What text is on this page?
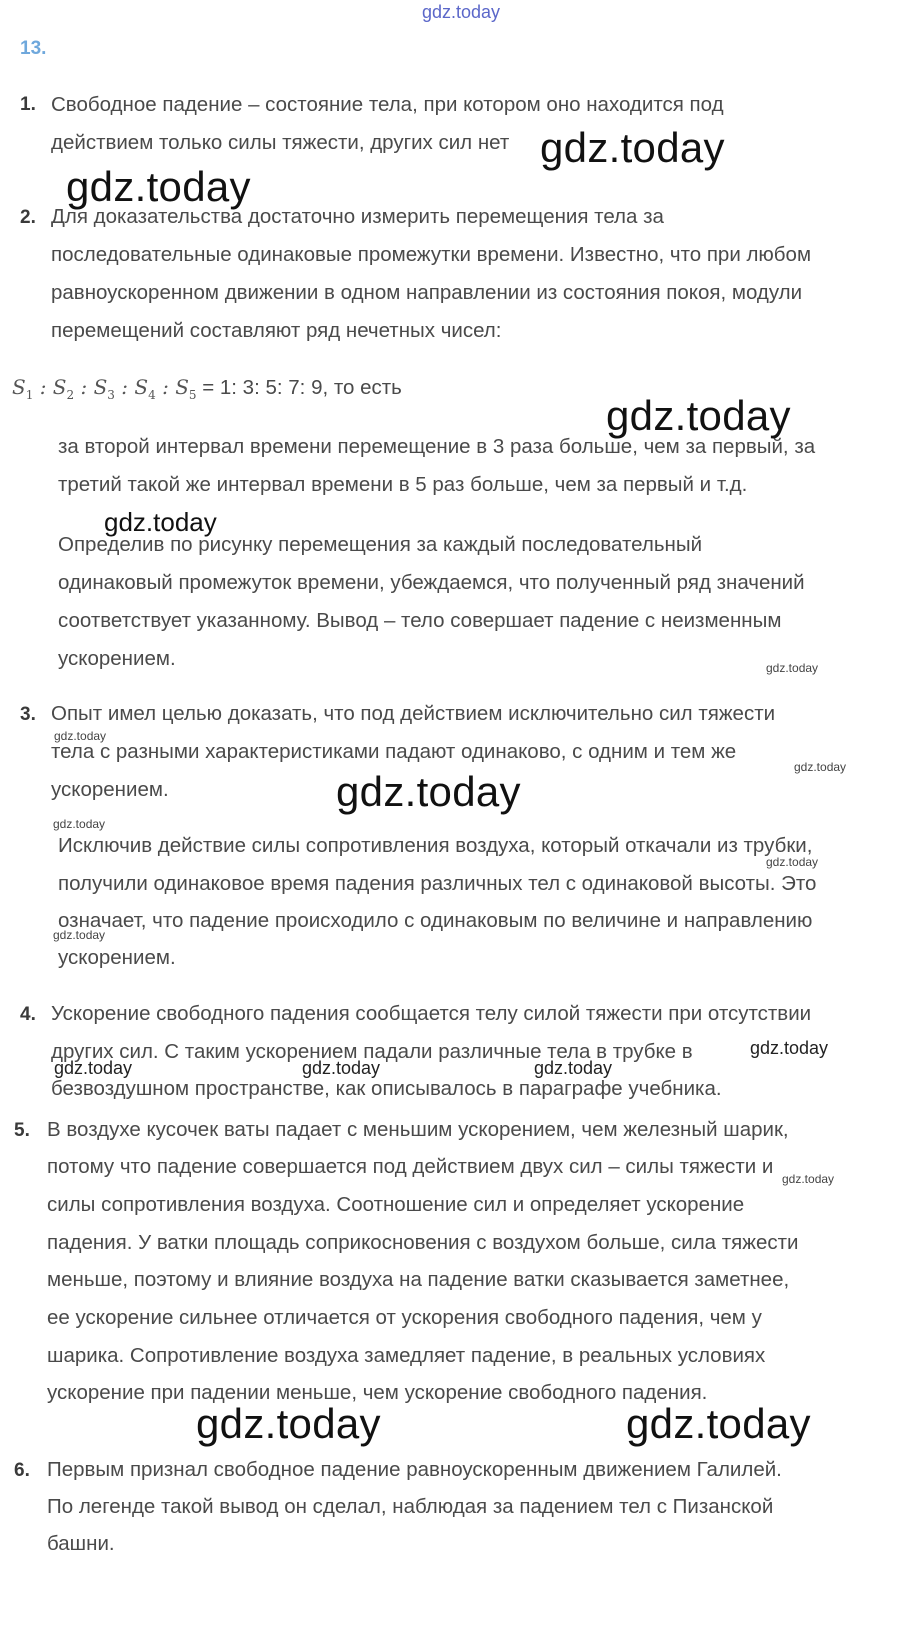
gdz.today
13.
1. Свободное падение – состояние тела, при котором оно находится под
действием только силы тяжести, других сил нет
2. Для доказательства достаточно измерить перемещения тела за
последовательные одинаковые промежутки времени. Известно, что при любом
равноускоренном движении в одном направлении из состояния покоя, модули
перемещений составляют ряд нечетных чисел:
$S_1$ : $S_2$ : $S_3$ : $S_4$ : $S_5 = 1$: 3: 5: 7: 9, то есть
за второй интервал времени перемещение в 3 раза больше, чем за первый, за
третий такой же интервал времени в 5 раз больше, чем за первый и т.д.
Определив по рисунку перемещения за каждый последовательный
одинаковый промежуток времени, убеждаемся, что полученный ряд значений
соответствует указанному. Вывод – тело совершает падение с неизменным
ускорением.
3. Опыт имел целью доказать, что под действием исключительно сил тяжести
тела с разными характеристиками падают одинаково, с одним и тем же
ускорением.
Исключив действие силы сопротивления воздуха, который откачали из трубки,
получили одинаковое время падения различных тел с одинаковой высоты. Это
означает, что падение происходило с одинаковым по величине и направлению
ускорением.
4. Ускорение свободного падения сообщается телу силой тяжести при отсутствии
других сил. С таким ускорением падали различные тела в трубке в
безвоздушном пространстве, как описывалось в параграфе учебника.
5. В воздухе кусочек ваты падает с меньшим ускорением, чем железный шарик,
потому что падение совершается под действием двух сил – силы тяжести и
силы сопротивления воздуха. Соотношение сил и определяет ускорение
падения. У ватки площадь соприкосновения с воздухом больше, сила тяжести
меньше, поэтому и влияние воздуха на падение ватки сказывается заметнее,
ее ускорение сильнее отличается от ускорения свободного падения, чем у
шарика. Сопротивление воздуха замедляет падение, в реальных условиях
ускорение при падении меньше, чем ускорение свободного падения.
6. Первым признал свободное падение равноускоренным движением Галилей.
По легенде такой вывод он сделал, наблюдая за падением тел с Пизанской
башни.
gdz.today
gdz.today
gdz.today
gdz.today
gdz.today
gdz.today
gdz.today
gdz.today
gdz.today
gdz.today
gdz.today
gdz.today
gdz.today	gdz.today	gdz.today
gdz.today
gdz.today	gdz.today
